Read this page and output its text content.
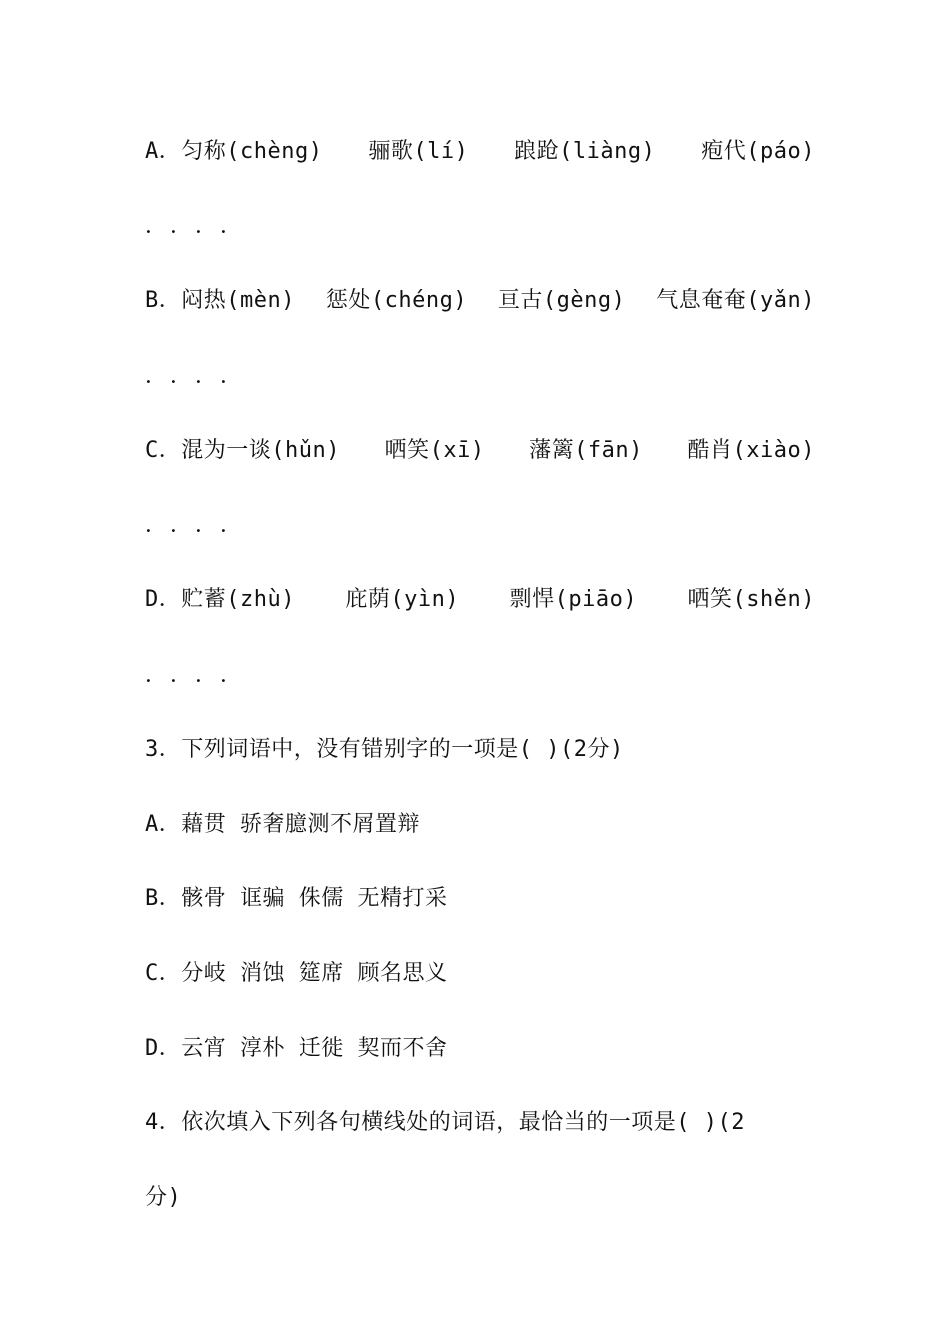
A．匀称(chèng) 骊歌(lí) 踉跄(liàng) 疱代(páo)
．．．．
B．闷热(mèn) 惩处(chéng) 亘古(gèng) 气息奄奄(yǎn)
．．．．
C．混为一谈(hǔn) 哂笑(xī) 藩篱(fān) 酷肖(xiào)
．．．．
D．贮蓄(zhù) 庇荫(yìn) 剽悍(piāo) 哂笑(shěn)
．．．．
3．下列词语中，没有错别字的一项是( )(2分)
A．藉贯 骄奢臆测不屑置辩
B．骸骨 诓骗 侏儒 无精打采
C．分岐 消蚀 筵席 顾名思义
D．云宵 淳朴 迁徙 契而不舍
4．依次填入下列各句横线处的词语，最恰当的一项是( )(2
分)
